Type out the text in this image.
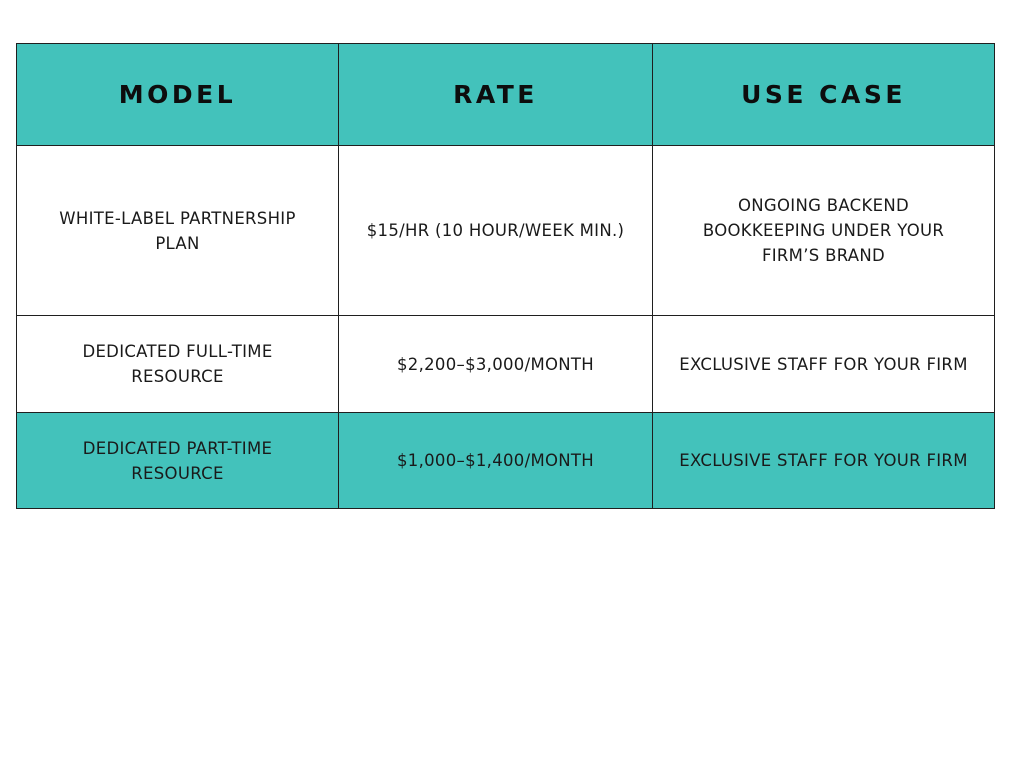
MODEL	RATE	USE CASE
WHITE-LABEL PARTNERSHIP PLAN	$15/HR (10 HOUR/WEEK MIN.)	ONGOING BACKEND BOOKKEEPING UNDER YOUR FIRM’S BRAND
DEDICATED FULL-TIME RESOURCE	$2,200–$3,000/MONTH	EXCLUSIVE STAFF FOR YOUR FIRM
DEDICATED PART-TIME RESOURCE	$1,000–$1,400/MONTH	EXCLUSIVE STAFF FOR YOUR FIRM
